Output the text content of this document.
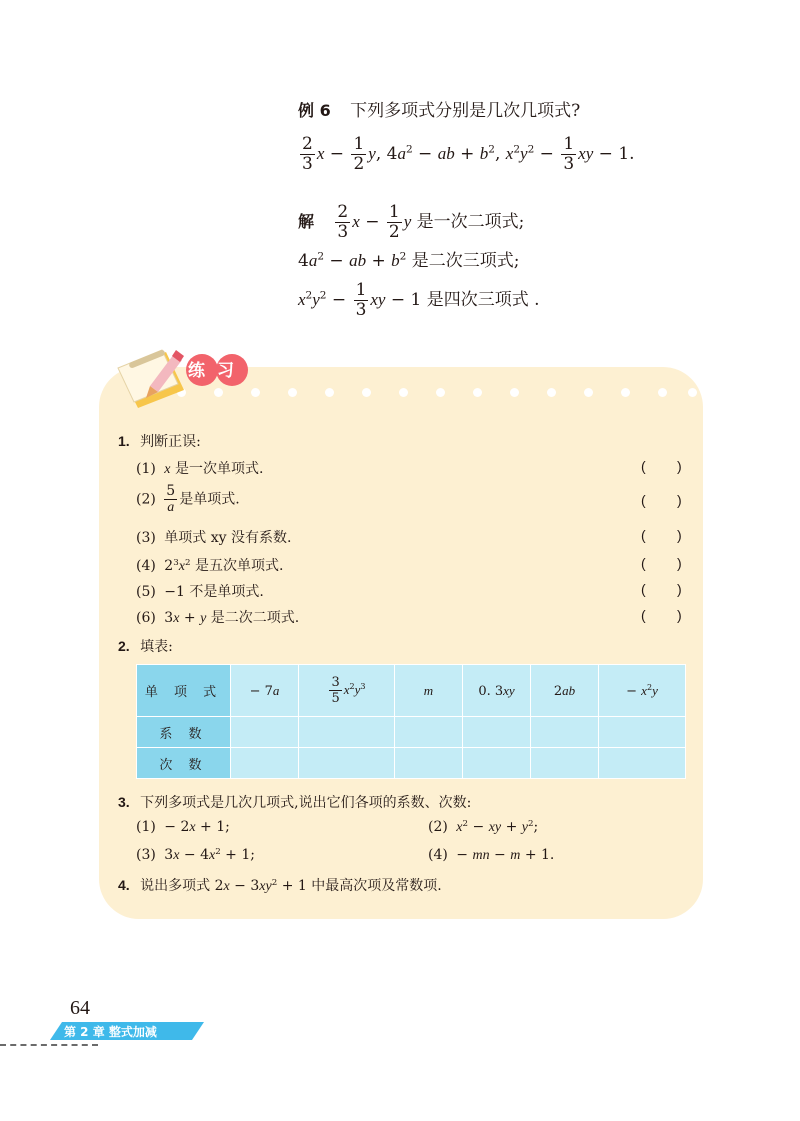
例 6 下列多项式分别是几次几项式?
$\frac{2}{3}$ $x - \frac{1}{2} y$, $4a^2$ − ab + $b^2$, $x^2y^2 - \frac{1}{3}$ xy − 1.
解 $\frac{2}{3}$ $x - \frac{1}{2}$ y 是一次二项式;
$4a^2$ − ab + $b^2$ 是二次三项式;
$x^2y^2 - \frac{1}{3}$ xy − 1 是四次三项式 .
练习
1. 判断正误:
(1) x 是一次单项式.
$(2) \frac{5}{a}$ 是单项式.
(3) 单项式 xy 没有系数.
(4) $2^3x^2$ 是五次单项式.
(5) −1 不是单项式.
(6) 3x + y 是二次二项式.
( )
( )
( )
( )
( )
( )
2. 填表:
单 项 式	− 7a	$\frac{3}{5} x^2y^3$	m	0. 3xy	2ab	− $x^2y$
系 数						
次 数						
3. 下列多项式是几次几项式,说出它们各项的系数、次数:
(1) − 2x + 1;	(2) $x^2$ − xy + $y^2$;
(3) $3x - 4x^2 + 1$;	(4) − mn − m + 1.
4. 说出多项式 $2x - 3xy^2 + 1$ 中最高次项及常数项.
64
第 2 章 整式加减
